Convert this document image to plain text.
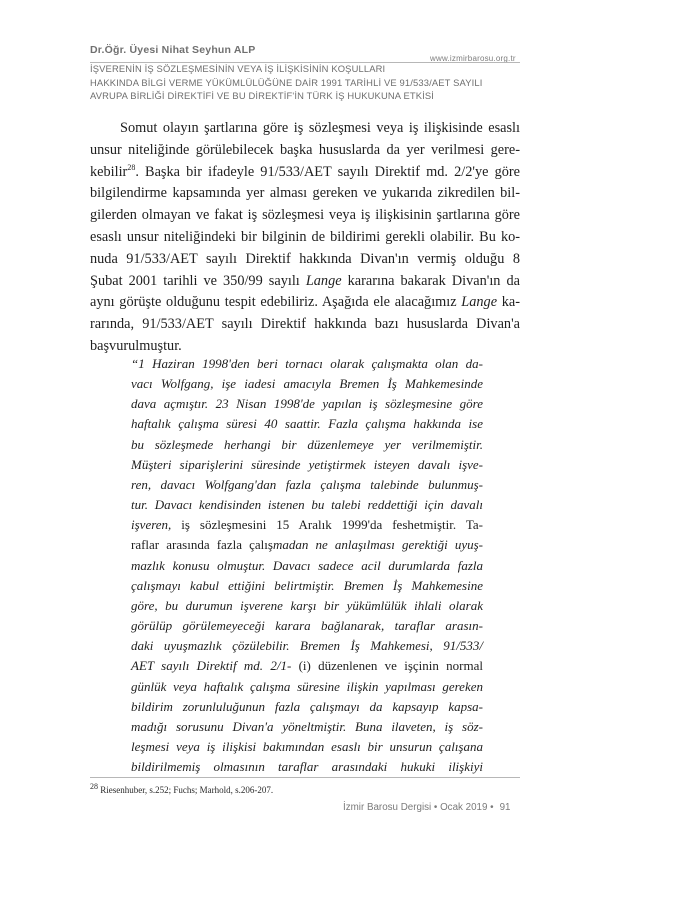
Dr.Öğr. Üyesi Nihat Seyhun ALP
www.izmirbarosu.org.tr
İŞVERENİN İŞ SÖZLEŞMESİNİN VEYA İŞ İLİŞKİSİNİN KOŞULLARI
HAKKINDA BİLGİ VERME YÜKÜMLÜLÜĞÜNE DAİR 1991 TARİHLİ VE 91/533/AET SAYILI
AVRUPA BİRLİĞİ DİREKTİFİ VE BU DİREKTİF'İN TÜRK İŞ HUKUKUNA ETKİSİ
Somut olayın şartlarına göre iş sözleşmesi veya iş ilişkisinde esaslı
unsur niteliğinde görülebilecek başka hususlarda da yer verilmesi gere-
kebilir$^{28}$. Başka bir ifadeyle 91/533/AET sayılı Direktif md. 2/2'ye göre
bilgilendirme kapsamında yer alması gereken ve yukarıda zikredilen bil-
gilerden olmayan ve fakat iş sözleşmesi veya iş ilişkisinin şartlarına göre
esaslı unsur niteliğindeki bir bilginin de bildirimi gerekli olabilir. Bu ko-
nuda 91/533/AET sayılı Direktif hakkında Divan'ın vermiş olduğu 8
Şubat 2001 tarihli ve 350/99 sayılı Lange kararına bakarak Divan'ın da
aynı görüşte olduğunu tespit edebiliriz. Aşağıda ele alacağımız Lange ka-
rarında, 91/533/AET sayılı Direktif hakkında bazı hususlarda Divan'a
başvurulmuştur.
“1 Haziran 1998'den beri tornacı olarak çalışmakta olan da-
vacı Wolfgang, işe iadesi amacıyla Bremen İş Mahkemesinde
dava açmıştır. 23 Nisan 1998'de yapılan iş sözleşmesine göre
haftalık çalışma süresi 40 saattir. Fazla çalışma hakkında ise
bu sözleşmede herhangi bir düzenlemeye yer verilmemiştir.
Müşteri siparişlerini süresinde yetiştirmek isteyen davalı işve-
ren, davacı Wolfgang'dan fazla çalışma talebinde bulunmuş-
tur. Davacı kendisinden istenen bu talebi reddettiği için davalı
işveren, iş sözleşmesini 15 Aralık 1999'da feshetmiştir. Ta-
raflar arasında fazla çalışmadan ne anlaşılması gerektiği uyuş-
mazlık konusu olmuştur. Davacı sadece acil durumlarda fazla
çalışmayı kabul ettiğini belirtmiştir. Bremen İş Mahkemesine
göre, bu durumun işverene karşı bir yükümlülük ihlali olarak
görülüp görülemeyeceği karara bağlanarak, taraflar arasın-
daki uyuşmazlık çözülebilir. Bremen İş Mahkemesi, 91/533/
AET sayılı Direktif md. 2/1- (i) düzenlenen ve işçinin normal
günlük veya haftalık çalışma süresine ilişkin yapılması gereken
bildirim zorunluluğunun fazla çalışmayı da kapsayıp kapsa-
madığı sorusunu Divan'a yöneltmiştir. Buna ilaveten, iş söz-
leşmesi veya iş ilişkisi bakımından esaslı bir unsurun çalışana
bildirilmemiş olmasının taraflar arasındaki hukuki ilişkiyi
$^{28}$ Riesenhuber, s.252; Fuchs; Marhold, s.206-207.
İzmir Barosu Dergisi • Ocak 2019 • 91
